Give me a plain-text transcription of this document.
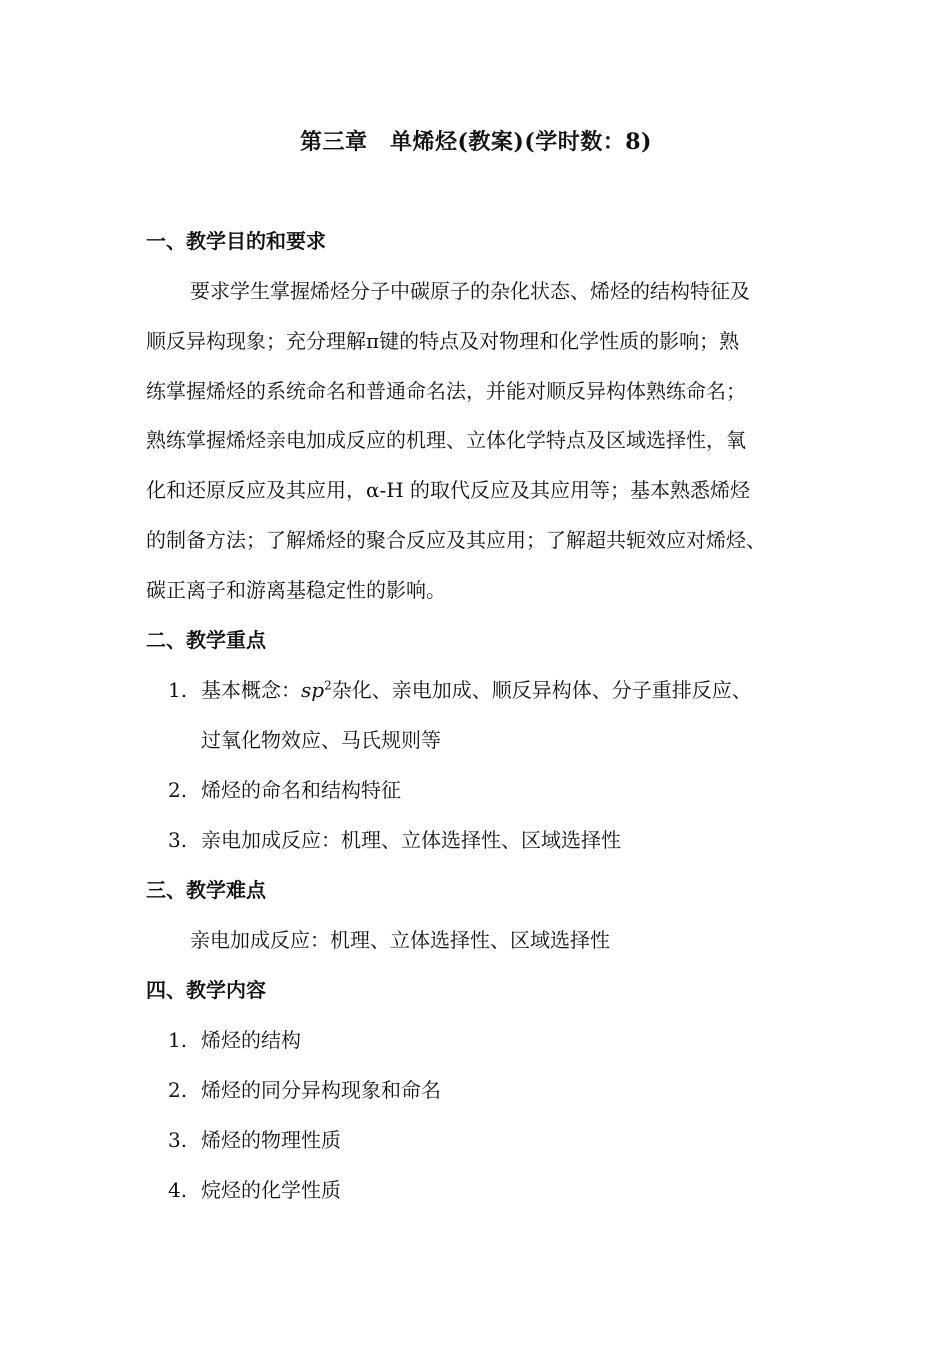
第三章　单烯烃(教案)(学时数：8)
一、教学目的和要求
要求学生掌握烯烃分子中碳原子的杂化状态、烯烃的结构特征及
顺反异构现象；充分理解π键的特点及对物理和化学性质的影响；熟
练掌握烯烃的系统命名和普通命名法，并能对顺反异构体熟练命名；
熟练掌握烯烃亲电加成反应的机理、立体化学特点及区域选择性，氧
化和还原反应及其应用，α-H 的取代反应及其应用等；基本熟悉烯烃
的制备方法；了解烯烃的聚合反应及其应用；了解超共轭效应对烯烃、
碳正离子和游离基稳定性的影响。
二、教学重点
1. 基本概念：$sp^2$杂化、亲电加成、顺反异构体、分子重排反应、
过氧化物效应、马氏规则等
2. 烯烃的命名和结构特征
3. 亲电加成反应：机理、立体选择性、区域选择性
三、教学难点
亲电加成反应：机理、立体选择性、区域选择性
四、教学内容
1. 烯烃的结构
2. 烯烃的同分异构现象和命名
3. 烯烃的物理性质
4. 烷烃的化学性质
